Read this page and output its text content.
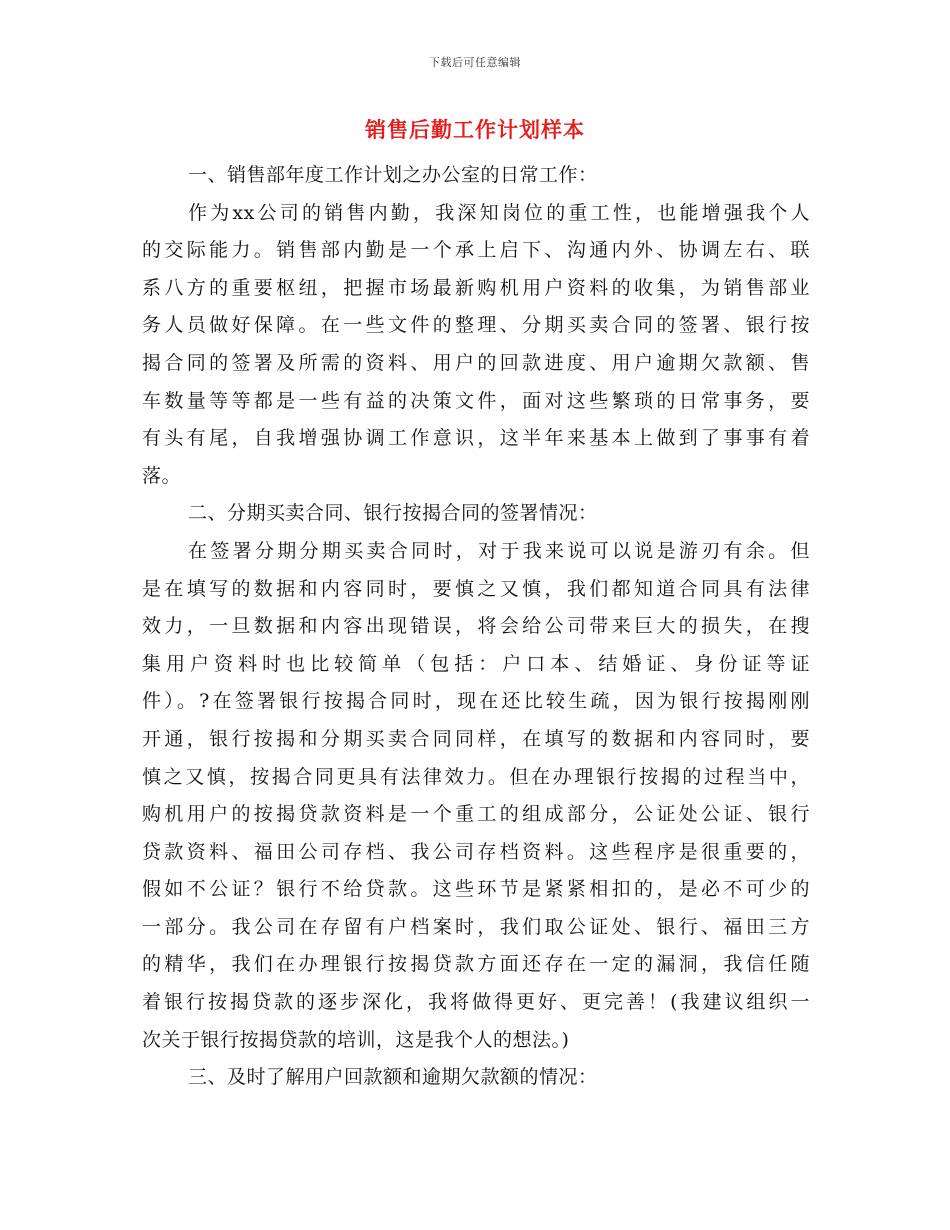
下载后可任意编辑
销售后勤工作计划样本
一、销售部年度工作计划之办公室的日常工作：
作为xx公司的销售内勤，我深知岗位的重工性，也能增强我个人
的交际能力。销售部内勤是一个承上启下、沟通内外、协调左右、联
系八方的重要枢纽，把握市场最新购机用户资料的收集，为销售部业
务人员做好保障。在一些文件的整理、分期买卖合同的签署、银行按
揭合同的签署及所需的资料、用户的回款进度、用户逾期欠款额、售
车数量等等都是一些有益的决策文件，面对这些繁琐的日常事务，要
有头有尾，自我增强协调工作意识，这半年来基本上做到了事事有着
落。
二、分期买卖合同、银行按揭合同的签署情况：
在签署分期分期买卖合同时，对于我来说可以说是游刃有余。但
是在填写的数据和内容同时，要慎之又慎，我们都知道合同具有法律
效力，一旦数据和内容出现错误，将会给公司带来巨大的损失，在搜
集用户资料时也比较简单（包括：户口本、结婚证、身份证等证
件）。?在签署银行按揭合同时，现在还比较生疏，因为银行按揭刚刚
开通，银行按揭和分期买卖合同同样，在填写的数据和内容同时，要
慎之又慎，按揭合同更具有法律效力。但在办理银行按揭的过程当中，
购机用户的按揭贷款资料是一个重工的组成部分，公证处公证、银行
贷款资料、福田公司存档、我公司存档资料。这些程序是很重要的，
假如不公证？银行不给贷款。这些环节是紧紧相扣的，是必不可少的
一部分。我公司在存留有户档案时，我们取公证处、银行、福田三方
的精华，我们在办理银行按揭贷款方面还存在一定的漏洞，我信任随
着银行按揭贷款的逐步深化，我将做得更好、更完善！(我建议组织一
次关于银行按揭贷款的培训，这是我个人的想法。)
三、及时了解用户回款额和逾期欠款额的情况：
